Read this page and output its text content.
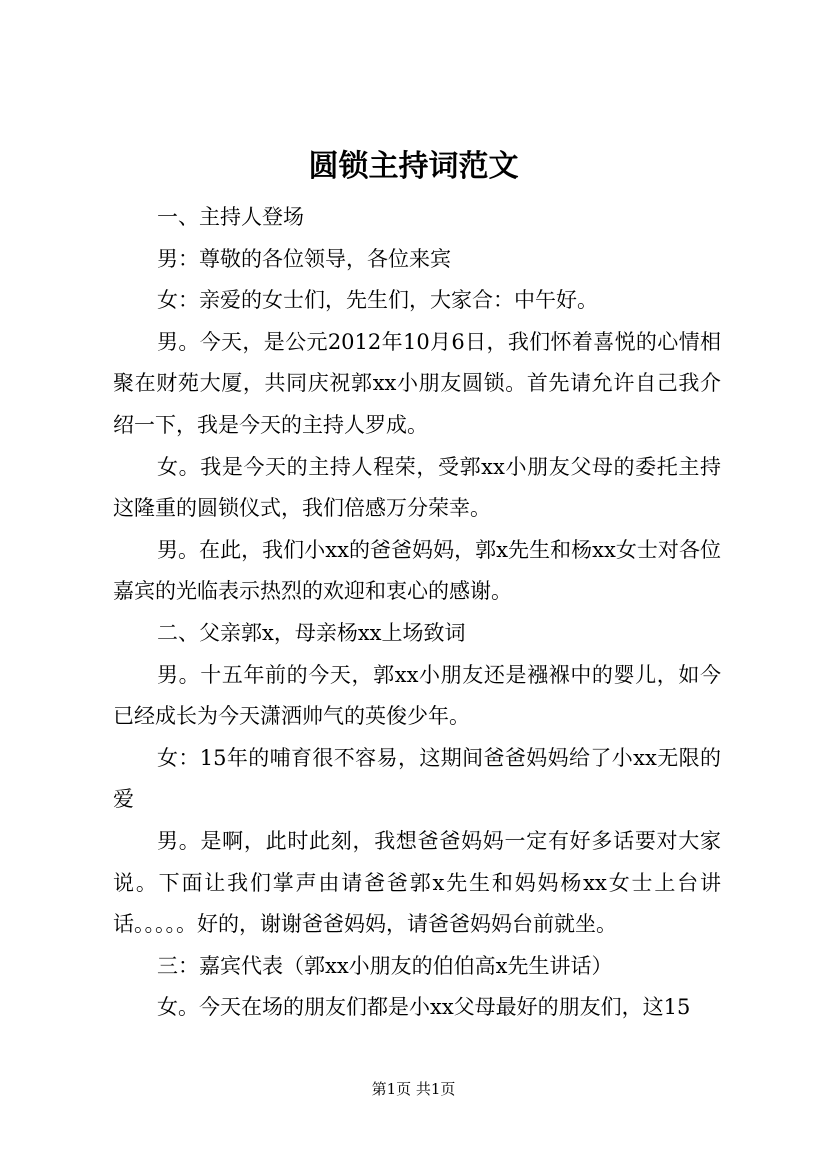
圆锁主持词范文

一、主持人登场

男：尊敬的各位领导，各位来宾

女：亲爱的女士们，先生们，大家合：中午好。

男。今天，是公元2012年10月6日，我们怀着喜悦的心情相聚在财苑大厦，共同庆祝郭xx小朋友圆锁。首先请允许自己我介绍一下，我是今天的主持人罗成。

女。我是今天的主持人程荣，受郭xx小朋友父母的委托主持这隆重的圆锁仪式，我们倍感万分荣幸。

男。在此，我们小xx的爸爸妈妈，郭x先生和杨xx女士对各位嘉宾的光临表示热烈的欢迎和衷心的感谢。

二、父亲郭x，母亲杨xx上场致词

男。十五年前的今天，郭xx小朋友还是襁褓中的婴儿，如今已经成长为今天潇洒帅气的英俊少年。

女：15年的哺育很不容易，这期间爸爸妈妈给了小xx无限的爱

男。是啊，此时此刻，我想爸爸妈妈一定有好多话要对大家说。下面让我们掌声由请爸爸郭x先生和妈妈杨xx女士上台讲话。。。。。好的，谢谢爸爸妈妈，请爸爸妈妈台前就坐。

三：嘉宾代表（郭xx小朋友的伯伯高x先生讲话）

女。今天在场的朋友们都是小xx父母最好的朋友们，这15

第1页 共1页
